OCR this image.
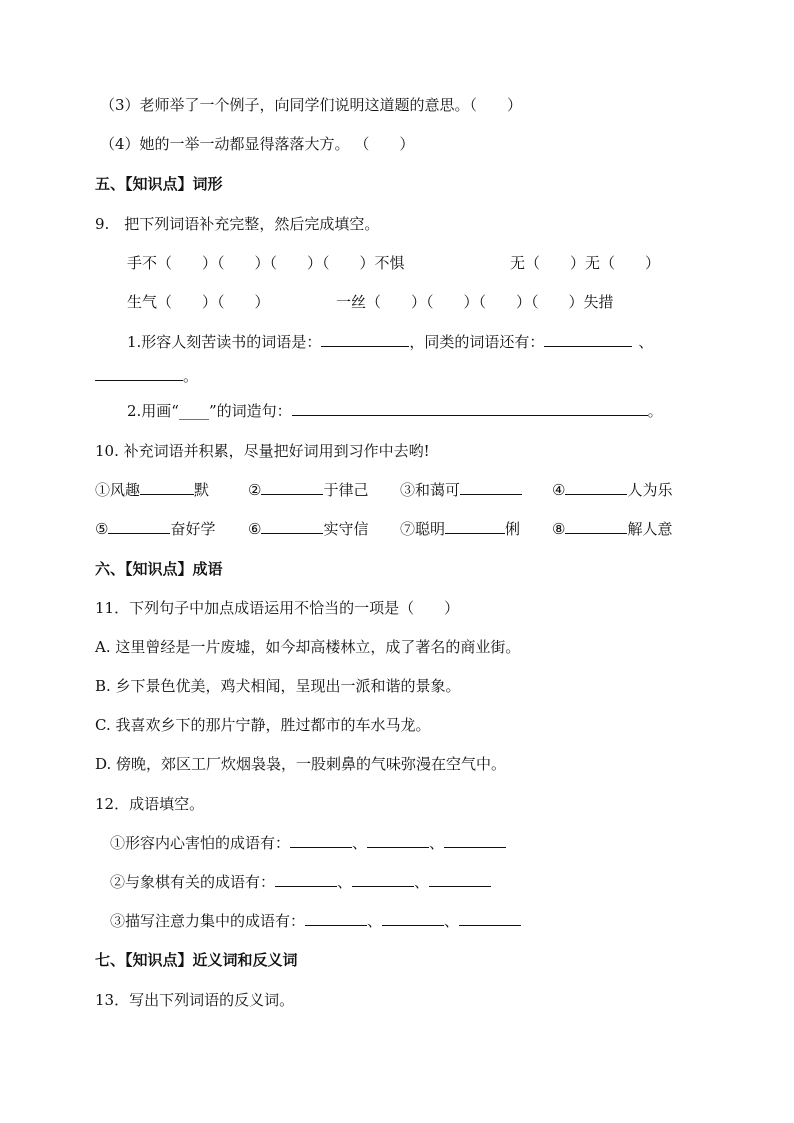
（3）老师举了一个例子，向同学们说明这道题的意思。（　　）
（4）她的一举一动都显得落落大方。 （　　）
五、【知识点】词形
9.　把下列词语补充完整，然后完成填空。
手不（　　）（　　）（　　）（　　）不惧	无（　　）无（　　）
生气（　　）（　　）	一丝（　　）（　　）（　　）（　　）失措
1.形容人刻苦读书的词语是：	，同类的词语还有：	、
。
2.用画“____”的词造句：	。
10. 补充词语并积累，尽量把好词用到习作中去哟!
①风趣	默	②	于律己 ③和蔼可	④	人为乐
⑤	奋好学 ⑥	实守信 ⑦聪明	俐 ⑧	解人意
六、【知识点】成语
11．下列句子中加点成语运用不恰当的一项是（　　）
A. 这里曾经是一片废墟，如今却高楼林立，成了著名的商业街。
B. 乡下景色优美，鸡犬相闻，呈现出一派和谐的景象。
C. 我喜欢乡下的那片宁静，胜过都市的车水马龙。
D. 傍晚，郊区工厂炊烟袅袅，一股刺鼻的气味弥漫在空气中。
12．成语填空。
①形容内心害怕的成语有：	、	、
②与象棋有关的成语有：	、	、
③描写注意力集中的成语有：	、	、
七、【知识点】近义词和反义词
13．写出下列词语的反义词。
